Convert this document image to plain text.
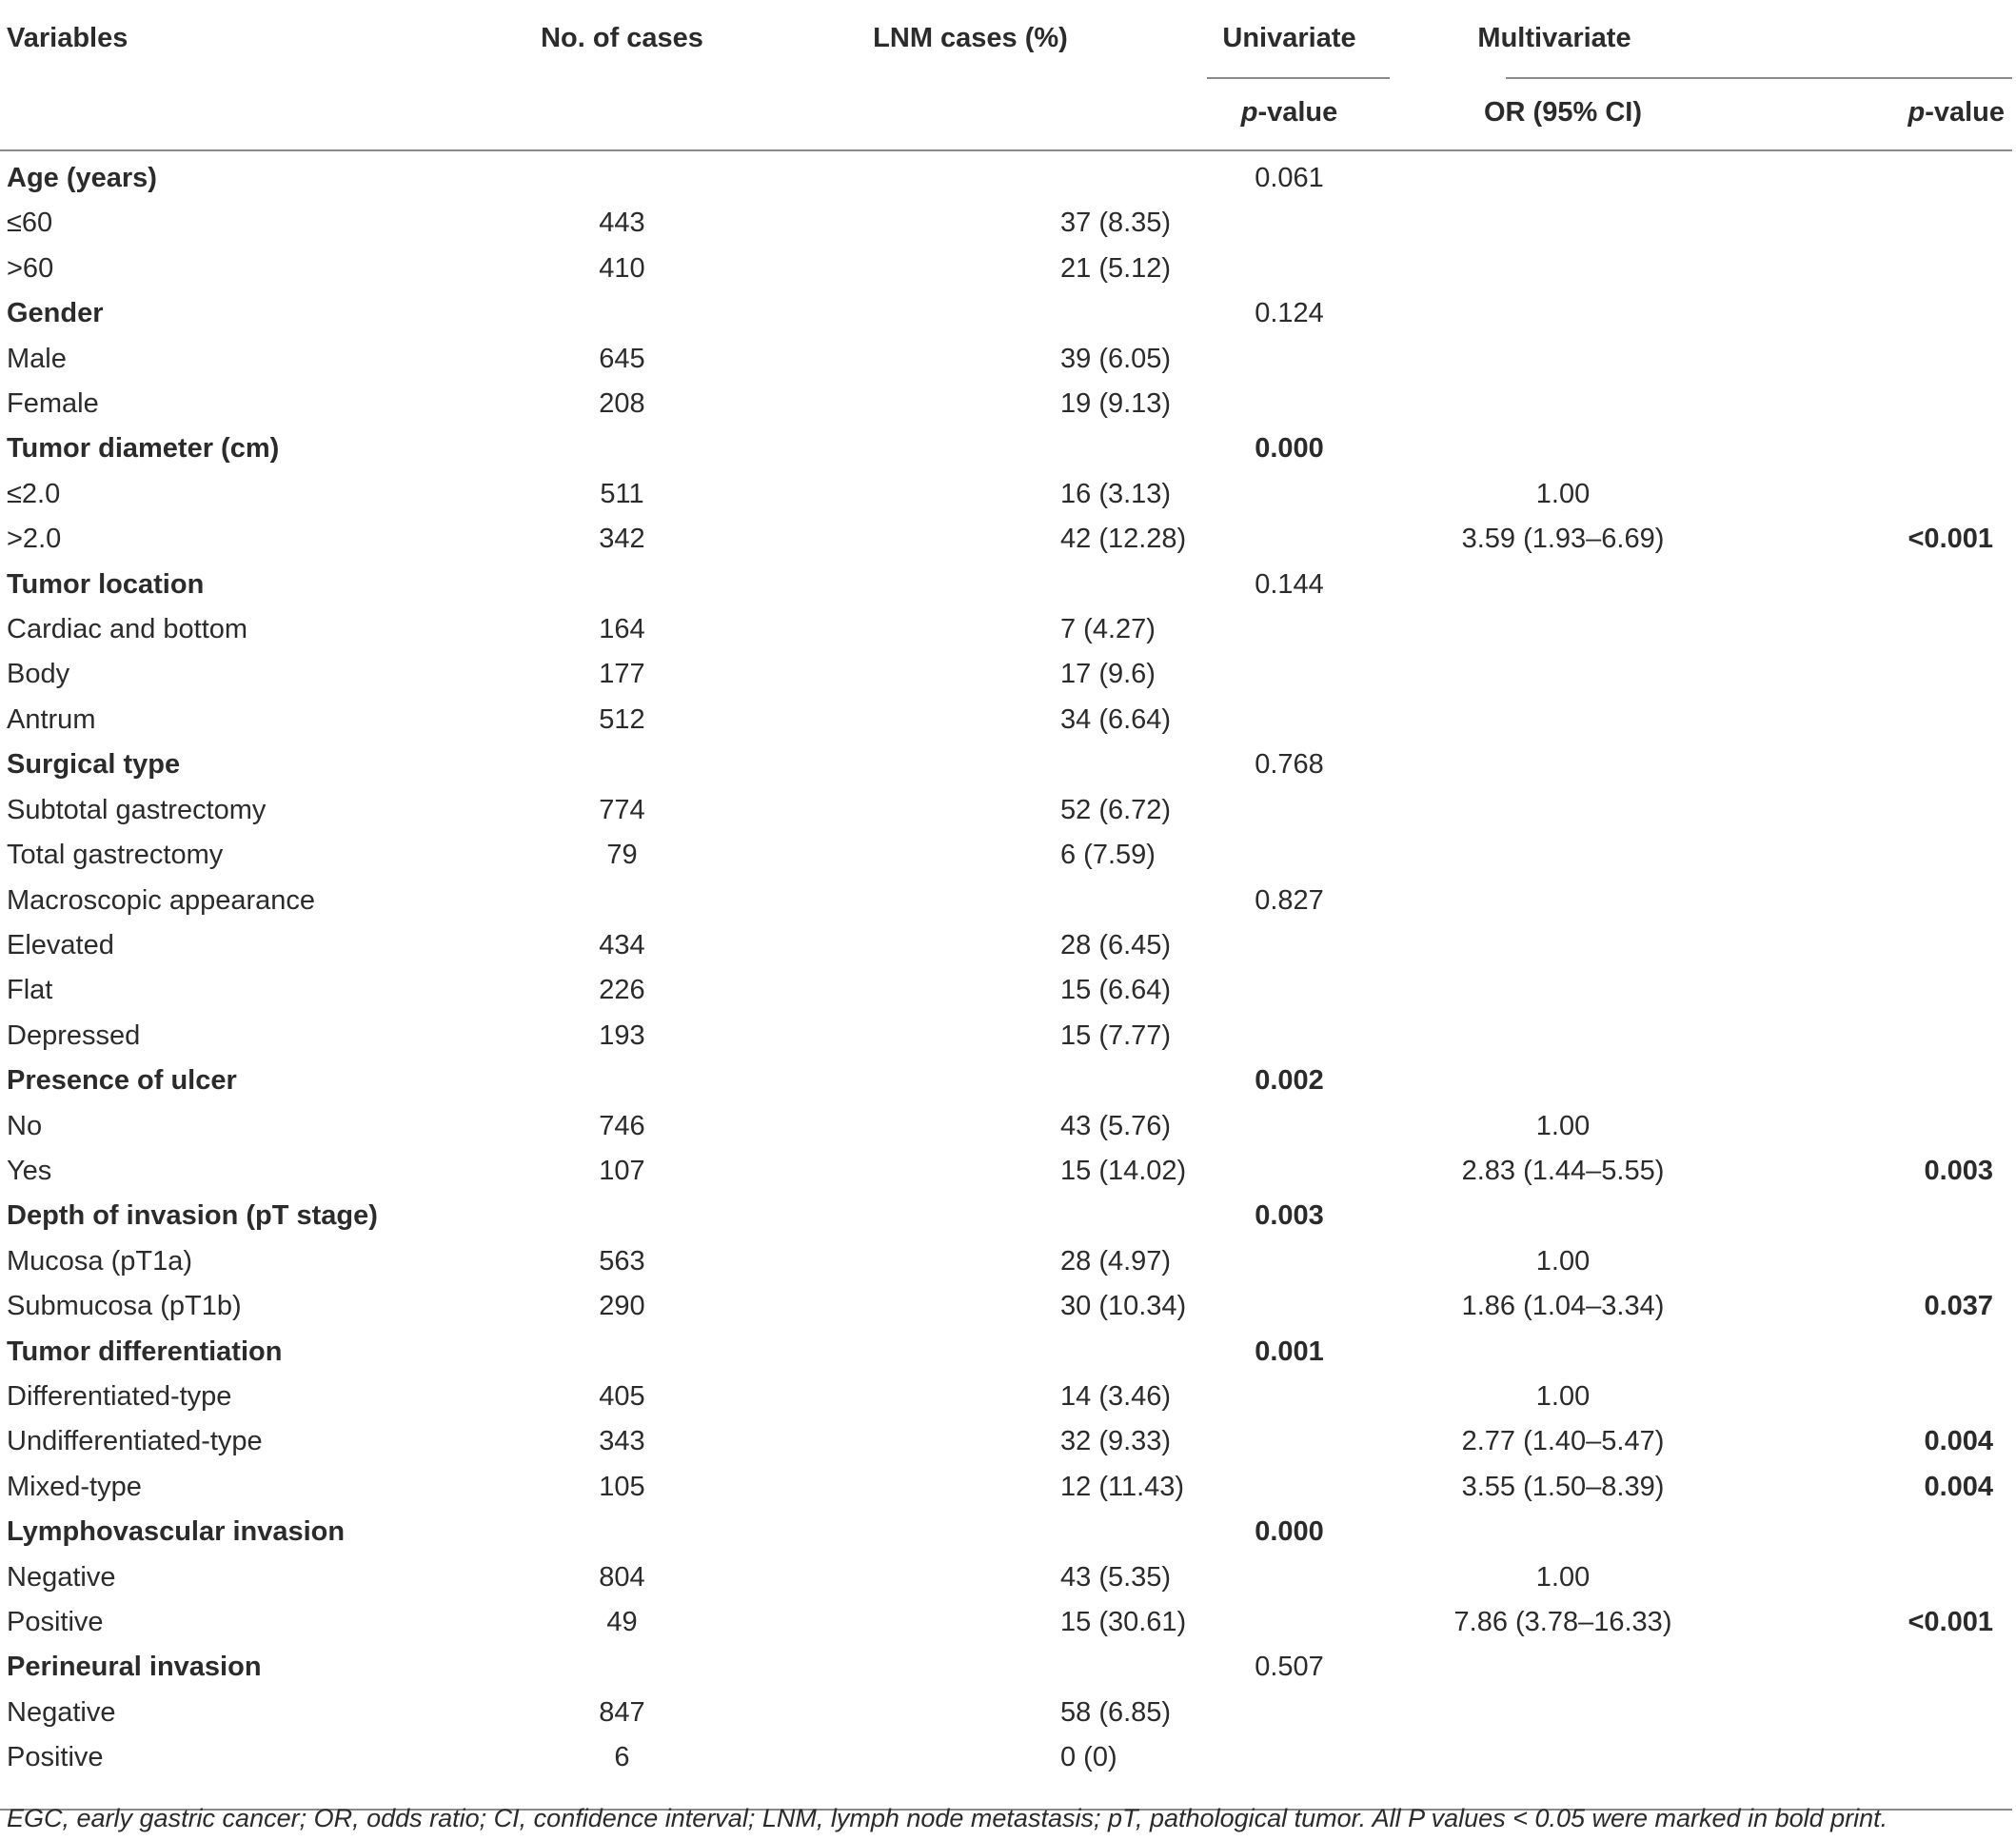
Variables	No. of cases	LNM cases (%)	Univariate	Multivariate	
			p-value	OR (95% CI)	p-value
Age (years)			0.061		
≤60	443	37 (8.35)			
>60	410	21 (5.12)			
Gender			0.124		
Male	645	39 (6.05)			
Female	208	19 (9.13)			
Tumor diameter (cm)			0.000		
≤2.0	511	16 (3.13)		1.00	
>2.0	342	42 (12.28)		3.59 (1.93–6.69)	<0.001
Tumor location			0.144		
Cardiac and bottom	164	7 (4.27)			
Body	177	17 (9.6)			
Antrum	512	34 (6.64)			
Surgical type			0.768		
Subtotal gastrectomy	774	52 (6.72)			
Total gastrectomy	79	6 (7.59)			
Macroscopic appearance			0.827		
Elevated	434	28 (6.45)			
Flat	226	15 (6.64)			
Depressed	193	15 (7.77)			
Presence of ulcer			0.002		
No	746	43 (5.76)		1.00	
Yes	107	15 (14.02)		2.83 (1.44–5.55)	0.003
Depth of invasion (pT stage)			0.003		
Mucosa (pT1a)	563	28 (4.97)		1.00	
Submucosa (pT1b)	290	30 (10.34)		1.86 (1.04–3.34)	0.037
Tumor differentiation			0.001		
Differentiated-type	405	14 (3.46)		1.00	
Undifferentiated-type	343	32 (9.33)		2.77 (1.40–5.47)	0.004
Mixed-type	105	12 (11.43)		3.55 (1.50–8.39)	0.004
Lymphovascular invasion			0.000		
Negative	804	43 (5.35)		1.00	
Positive	49	15 (30.61)		7.86 (3.78–16.33)	<0.001
Perineural invasion			0.507		
Negative	847	58 (6.85)			
Positive	6	0 (0)			
EGC, early gastric cancer; OR, odds ratio; CI, confidence interval; LNM, lymph node metastasis; pT, pathological tumor. All P values < 0.05 were marked in bold print.
